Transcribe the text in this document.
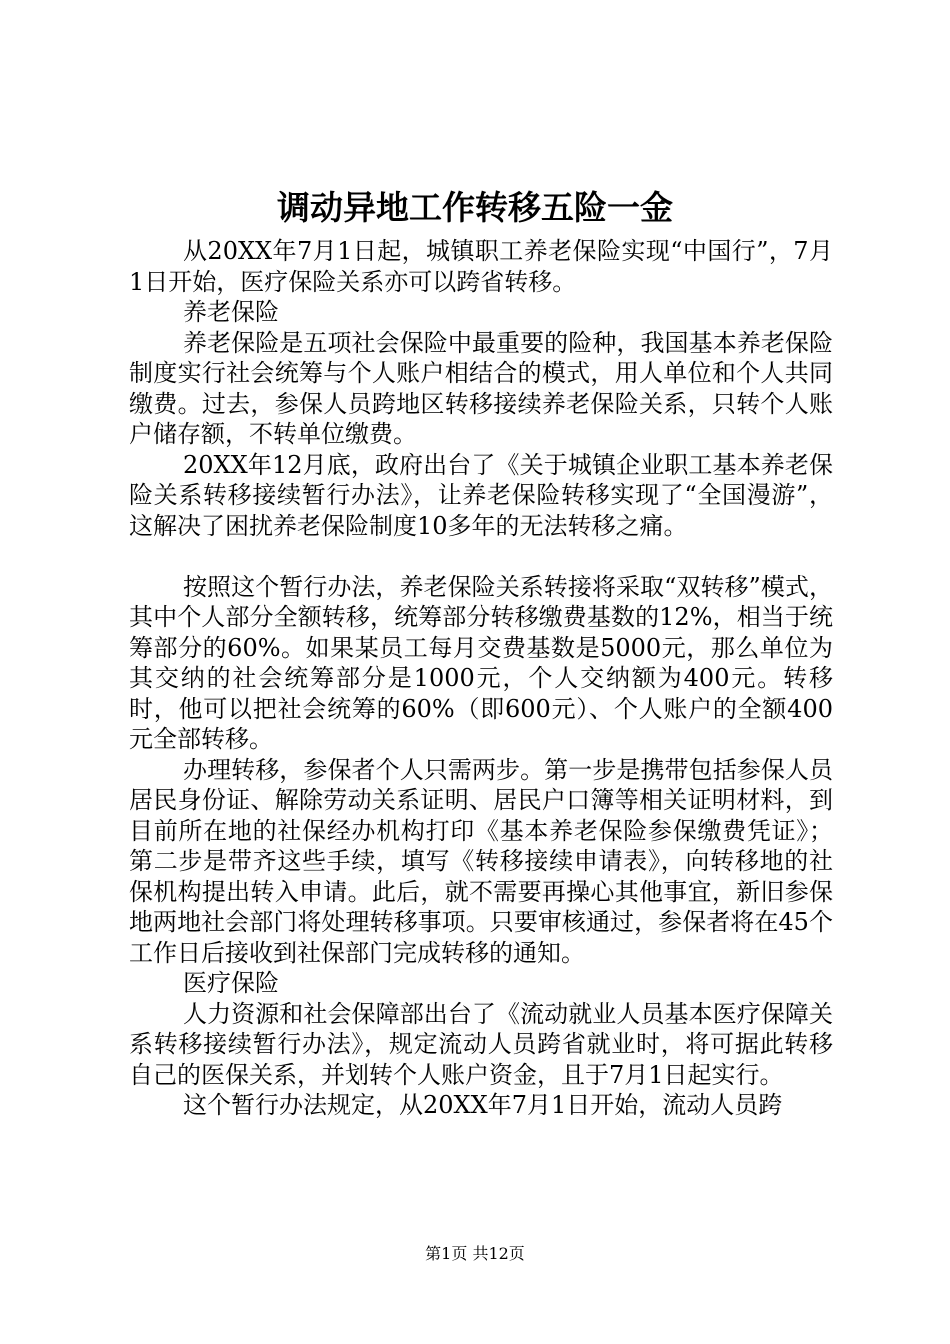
调动异地工作转移五险一金

从20XX年7月1日起，城镇职工养老保险实现“中国行”，7月1日开始，医疗保险关系亦可以跨省转移。

养老保险

养老保险是五项社会保险中最重要的险种，我国基本养老保险制度实行社会统筹与个人账户相结合的模式，用人单位和个人共同缴费。过去，参保人员跨地区转移接续养老保险关系，只转个人账户储存额，不转单位缴费。

20XX年12月底，政府出台了《关于城镇企业职工基本养老保险关系转移接续暂行办法》，让养老保险转移实现了“全国漫游”，这解决了困扰养老保险制度10多年的无法转移之痛。

按照这个暂行办法，养老保险关系转接将采取“双转移”模式，其中个人部分全额转移，统筹部分转移缴费基数的12%，相当于统筹部分的60%。如果某员工每月交费基数是5000元，那么单位为其交纳的社会统筹部分是1000元，个人交纳额为400元。转移时，他可以把社会统筹的60%（即600元）、个人账户的全额400元全部转移。

办理转移，参保者个人只需两步。第一步是携带包括参保人员居民身份证、解除劳动关系证明、居民户口簿等相关证明材料，到目前所在地的社保经办机构打印《基本养老保险参保缴费凭证》；第二步是带齐这些手续，填写《转移接续申请表》，向转移地的社保机构提出转入申请。此后，就不需要再操心其他事宜，新旧参保地两地社会部门将处理转移事项。只要审核通过，参保者将在45个工作日后接收到社保部门完成转移的通知。

医疗保险

人力资源和社会保障部出台了《流动就业人员基本医疗保障关系转移接续暂行办法》，规定流动人员跨省就业时，将可据此转移自己的医保关系，并划转个人账户资金，且于7月1日起实行。

这个暂行办法规定，从20XX年7月1日开始，流动人员跨

第1页 共12页
